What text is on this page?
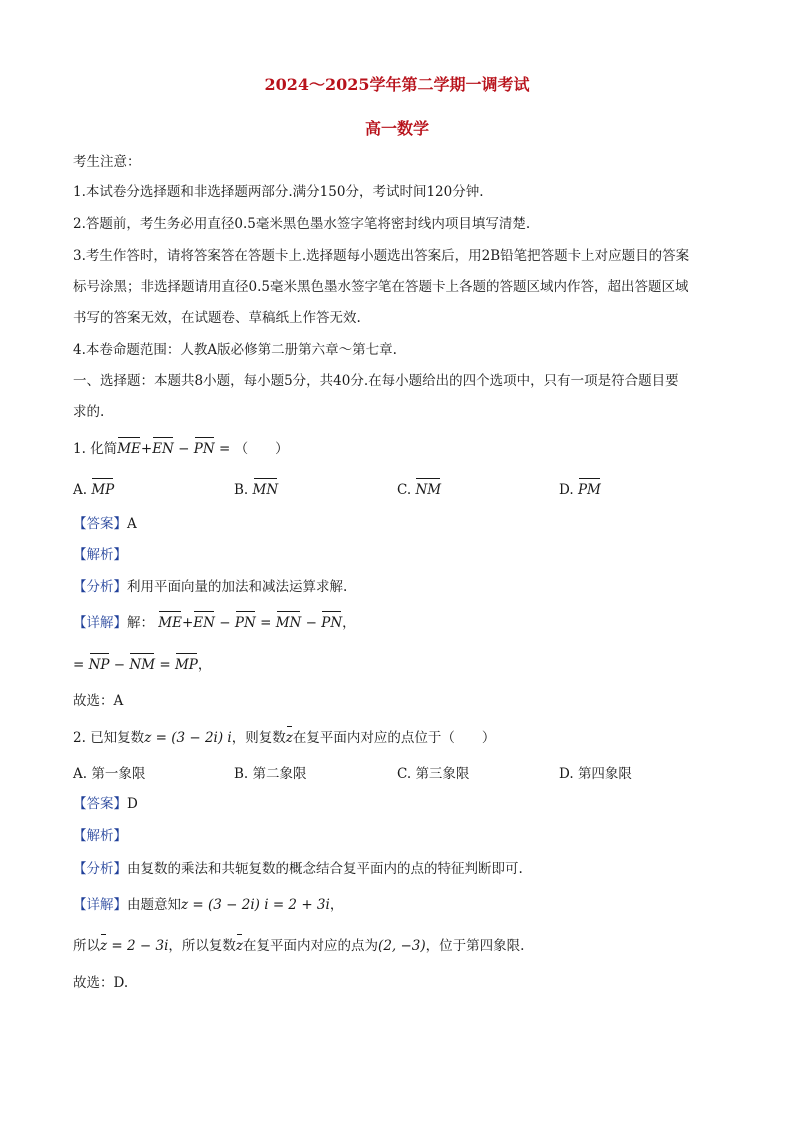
2024～2025学年第二学期一调考试
高一数学
考生注意：
1.本试卷分选择题和非选择题两部分.满分150分，考试时间120分钟.
2.答题前，考生务必用直径0.5毫米黑色墨水签字笔将密封线内项目填写清楚.
3.考生作答时，请将答案答在答题卡上.选择题每小题选出答案后，用2B铅笔把答题卡上对应题目的答案
标号涂黑；非选择题请用直径0.5毫米黑色墨水签字笔在答题卡上各题的答题区域内作答，超出答题区域
书写的答案无效，在试题卷、草稿纸上作答无效.
4.本卷命题范围：人教A版必修第二册第六章～第七章.
一、选择题：本题共8小题，每小题5分，共40分.在每小题给出的四个选项中，只有一项是符合题目要
求的.
1. 化简ME+EN − PN = （　　）
A. MP	B. MN	C. NM	D. PM
【答案】A
【解析】
【分析】利用平面向量的加法和减法运算求解.
【详解】解： ME+EN − PN = MN − PN，
= NP − NM = MP，
故选：A
2. 已知复数z = (3 − 2i) i，则复数z在复平面内对应的点位于（　　）
A. 第一象限	B. 第二象限	C. 第三象限	D. 第四象限
【答案】D
【解析】
【分析】由复数的乘法和共轭复数的概念结合复平面内的点的特征判断即可.
【详解】由题意知z = (3 − 2i) i = 2 + 3i，
所以z = 2 − 3i，所以复数z在复平面内对应的点为(2, −3)，位于第四象限.
故选：D.
